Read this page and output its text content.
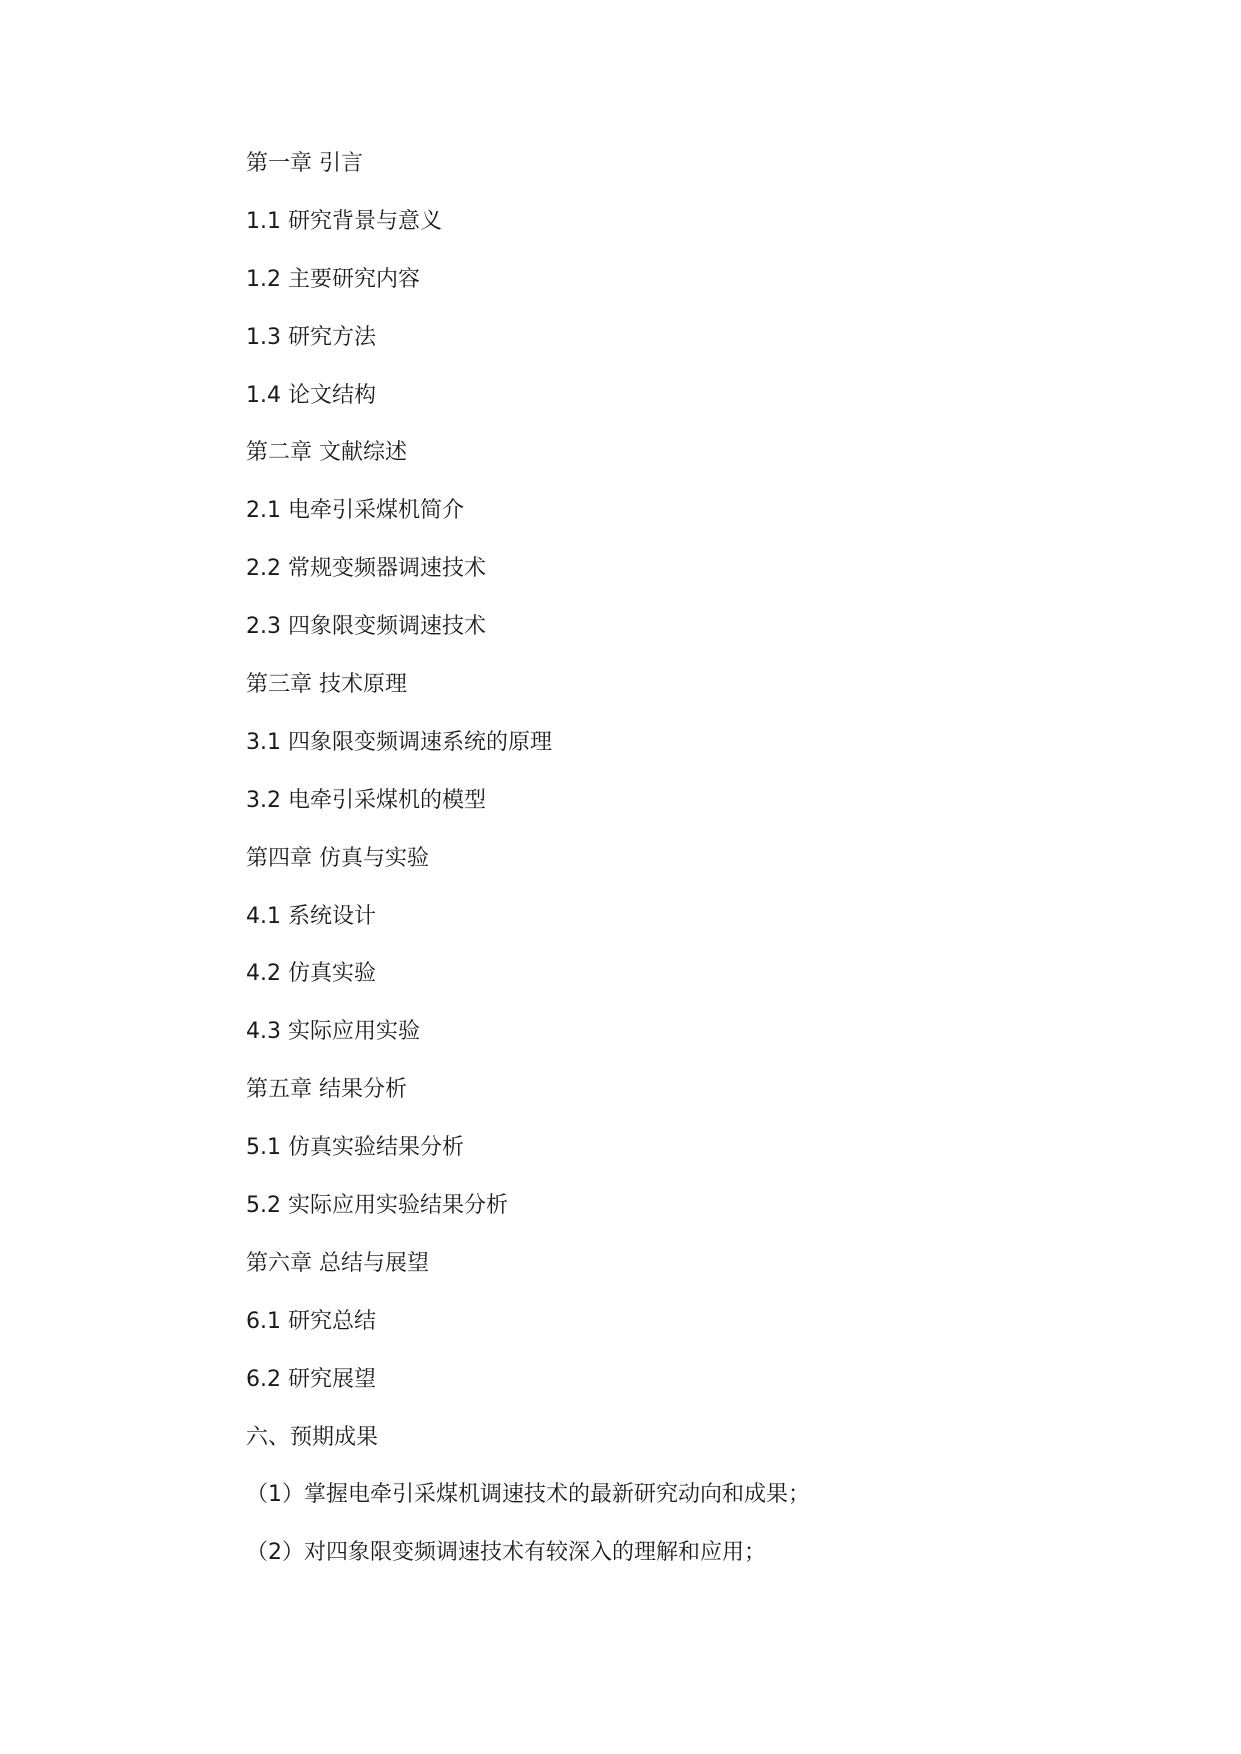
第一章 引言
1.1 研究背景与意义
1.2 主要研究内容
1.3 研究方法
1.4 论文结构
第二章 文献综述
2.1 电牵引采煤机简介
2.2 常规变频器调速技术
2.3 四象限变频调速技术
第三章 技术原理
3.1 四象限变频调速系统的原理
3.2 电牵引采煤机的模型
第四章 仿真与实验
4.1 系统设计
4.2 仿真实验
4.3 实际应用实验
第五章 结果分析
5.1 仿真实验结果分析
5.2 实际应用实验结果分析
第六章 总结与展望
6.1 研究总结
6.2 研究展望
六、预期成果
（1）掌握电牵引采煤机调速技术的最新研究动向和成果；
（2）对四象限变频调速技术有较深入的理解和应用；
